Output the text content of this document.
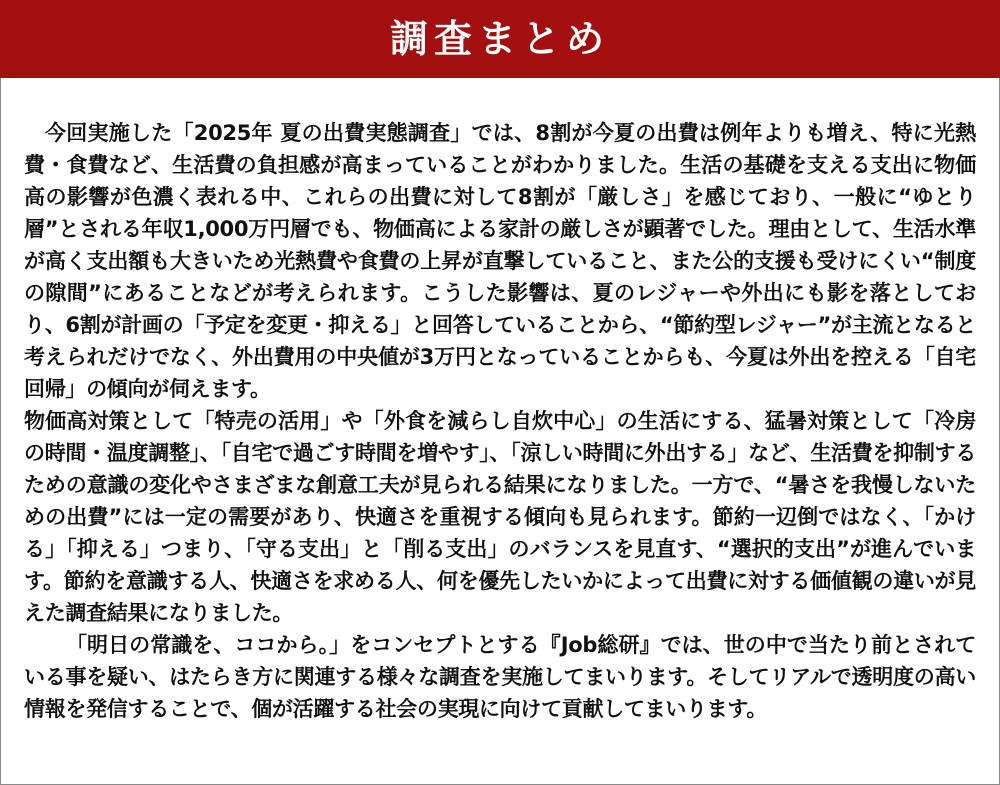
調査まとめ

今回実施した「2025年 夏の出費実態調査」では、8割が今夏の出費は例年よりも増え、特に光熱費・食費など、生活費の負担感が高まっていることがわかりました。生活の基礎を支える支出に物価高の影響が色濃く表れる中、これらの出費に対して8割が「厳しさ」を感じており、一般に“ゆとり層”とされる年収1,000万円層でも、物価高による家計の厳しさが顕著でした。理由として、生活水準が高く支出額も大きいため光熱費や食費の上昇が直撃していること、また公的支援も受けにくい“制度の隙間”にあることなどが考えられます。こうした影響は、夏のレジャーや外出にも影を落としており、6割が計画の「予定を変更・抑える」と回答していることから、“節約型レジャー”が主流となると考えられだけでなく、外出費用の中央値が3万円となっていることからも、今夏は外出を控える「自宅回帰」の傾向が伺えます。

物価高対策として「特売の活用」や「外食を減らし自炊中心」の生活にする、猛暑対策として「冷房の時間・温度調整」、「自宅で過ごす時間を増やす」、「涼しい時間に外出する」など、生活費を抑制するための意識の変化やさまざまな創意工夫が見られる結果になりました。一方で、“暑さを我慢しないための出費”には一定の需要があり、快適さを重視する傾向も見られます。節約一辺倒ではなく、「かける」「抑える」つまり、「守る支出」と「削る支出」のバランスを見直す、“選択的支出”が進んでいます。節約を意識する人、快適さを求める人、何を優先したいかによって出費に対する価値観の違いが見えた調査結果になりました。

「明日の常識を、ココから。」をコンセプトとする『Job総研』では、世の中で当たり前とされている事を疑い、はたらき方に関連する様々な調査を実施してまいります。そしてリアルで透明度の高い情報を発信することで、個が活躍する社会の実現に向けて貢献してまいります。
